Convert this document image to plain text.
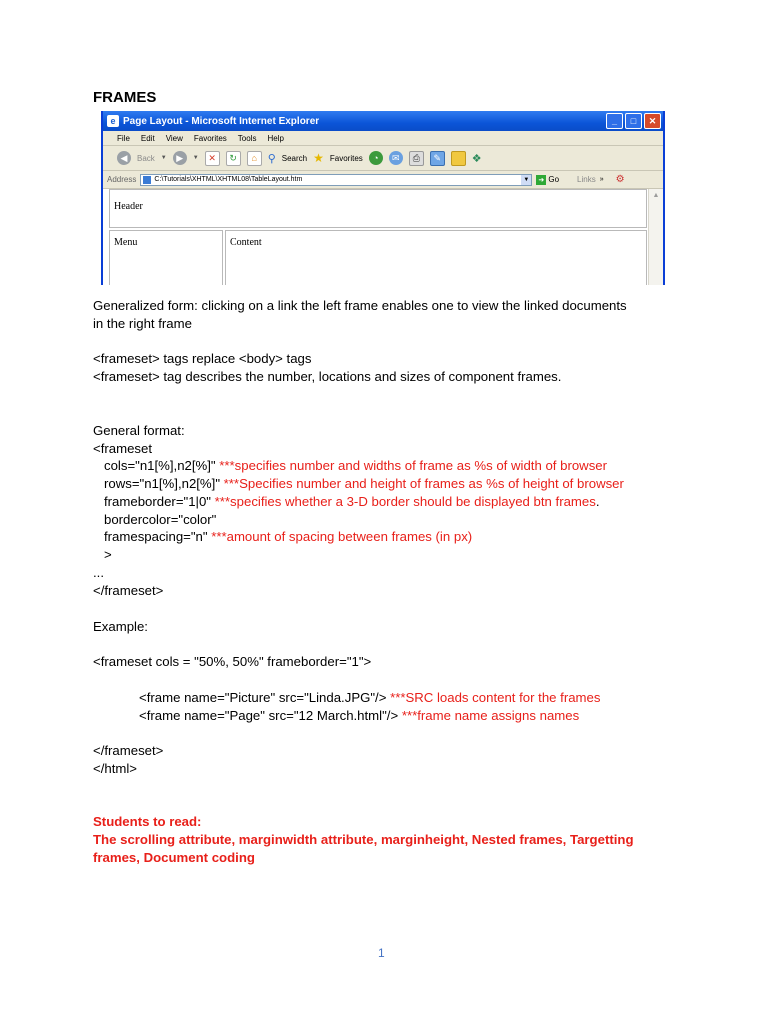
FRAMES
e Page Layout - Microsoft Internet Explorer	_	□	✕
File Edit View Favorites Tools Help
◀	Back ▼	▶	▼	✕	↻	⌂ ⚲ Search ★ Favorites	◔	✉	⎙	✎	❖
Address	C:\Tutorials\XHTML\XHTML08\TableLayout.htm	▼ ➜ Go Links » ⚙
Header
Menu	Content
▲
Generalized form: clicking on a link the left frame enables one to view the linked documents
in the right frame
<frameset> tags replace <body> tags
<frameset> tag describes the number, locations and sizes of component frames.
General format:
<frameset
cols="n1[%],n2[%]" ***specifies number and widths of frame as %s of width of browser
rows="n1[%],n2[%]" ***Specifies number and height of frames as %s of height of browser
frameborder="1|0" ***specifies whether a 3-D border should be displayed btn frames.
bordercolor="color"
framespacing="n" ***amount of spacing between frames (in px)
>
...
</frameset>
Example:
<frameset cols = "50%, 50%" frameborder="1">
<frame name="Picture" src="Linda.JPG"/> ***SRC loads content for the frames
<frame name="Page" src="12 March.html"/> ***frame name assigns names
</frameset>
</html>
Students to read:
The scrolling attribute, marginwidth attribute, marginheight, Nested frames, Targetting
frames, Document coding
1
